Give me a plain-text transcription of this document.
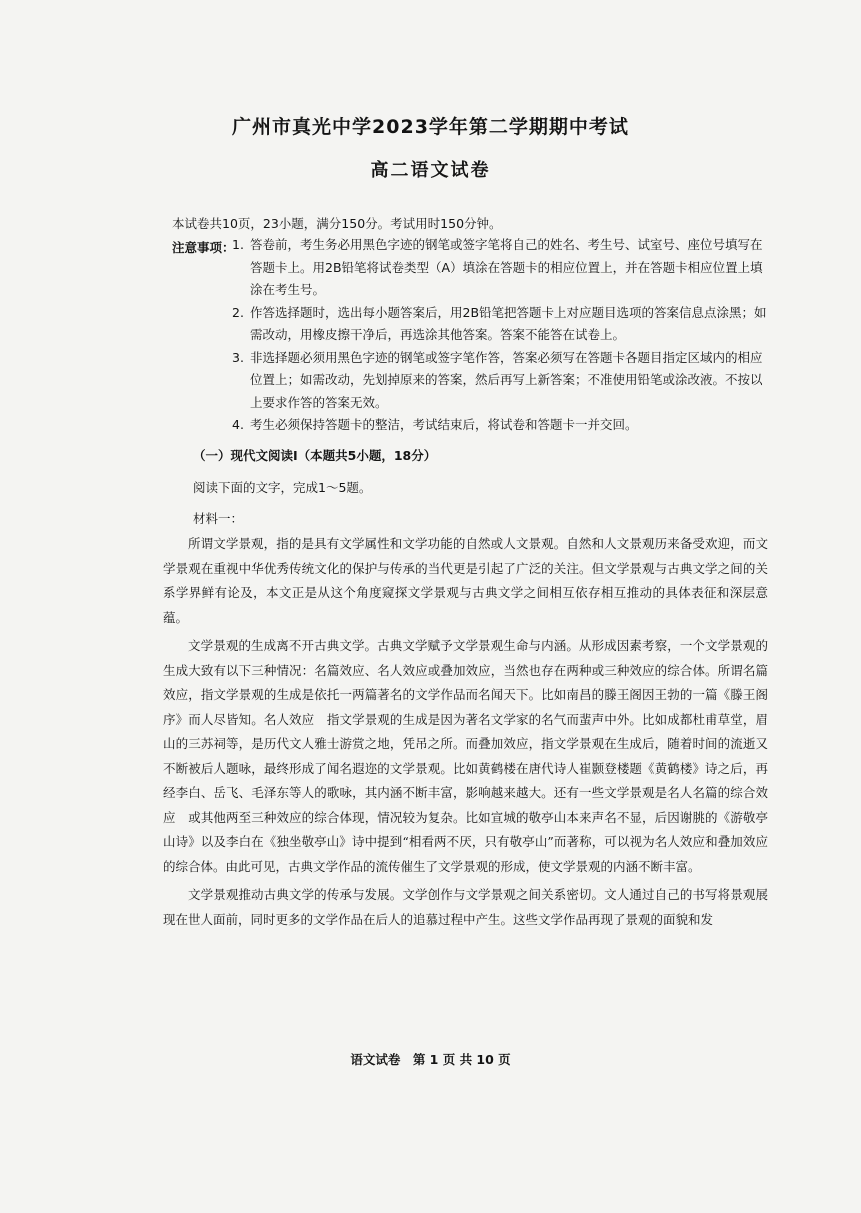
广州市真光中学2023学年第二学期期中考试
高二语文试卷
本试卷共10页，23小题，满分150分。考试用时150分钟。
注意事项：
1. 答卷前，考生务必用黑色字迹的钢笔或签字笔将自己的姓名、考生号、试室号、座位号填写在答题卡上。用2B铅笔将试卷类型（A）填涂在答题卡的相应位置上，并在答题卡相应位置上填涂在考生号。
2. 作答选择题时，选出每小题答案后，用2B铅笔把答题卡上对应题目选项的答案信息点涂黑；如需改动，用橡皮擦干净后，再选涂其他答案。答案不能答在试卷上。
3. 非选择题必须用黑色字迹的钢笔或签字笔作答，答案必须写在答题卡各题目指定区域内的相应位置上；如需改动，先划掉原来的答案，然后再写上新答案；不准使用铅笔或涂改液。不按以上要求作答的答案无效。
4. 考生必须保持答题卡的整洁，考试结束后，将试卷和答题卡一并交回。
（一）现代文阅读Ⅰ（本题共5小题，18分）
阅读下面的文字，完成1～5题。
材料一：

所谓文学景观，指的是具有文学属性和文学功能的自然或人文景观。自然和人文景观历来备受欢迎，而文学景观在重视中华优秀传统文化的保护与传承的当代更是引起了广泛的关注。但文学景观与古典文学之间的关系学界鲜有论及，本文正是从这个角度窥探文学景观与古典文学之间相互依存相互推动的具体表征和深层意蕴。

文学景观的生成离不开古典文学。古典文学赋予文学景观生命与内涵。从形成因素考察，一个文学景观的生成大致有以下三种情况：名篇效应、名人效应或叠加效应，当然也存在两种或三种效应的综合体。所谓名篇效应，指文学景观的生成是依托一两篇著名的文学作品而名闻天下。比如南昌的滕王阁因王勃的一篇《滕王阁序》而人尽皆知。名人效应　指文学景观的生成是因为著名文学家的名气而蜚声中外。比如成都杜甫草堂，眉山的三苏祠等，是历代文人雅士游赏之地，凭吊之所。而叠加效应，指文学景观在生成后，随着时间的流逝又不断被后人题咏，最终形成了闻名遐迩的文学景观。比如黄鹤楼在唐代诗人崔颢登楼题《黄鹤楼》诗之后，再经李白、岳飞、毛泽东等人的歌咏，其内涵不断丰富，影响越来越大。还有一些文学景观是名人名篇的综合效应　或其他两至三种效应的综合体现，情况较为复杂。比如宣城的敬亭山本来声名不显，后因谢朓的《游敬亭山诗》以及李白在《独坐敬亭山》诗中提到“相看两不厌，只有敬亭山”而著称，可以视为名人效应和叠加效应的综合体。由此可见，古典文学作品的流传催生了文学景观的形成，使文学景观的内涵不断丰富。

文学景观推动古典文学的传承与发展。文学创作与文学景观之间关系密切。文人通过自己的书写将景观展现在世人面前，同时更多的文学作品在后人的追慕过程中产生。这些文学作品再现了景观的面貌和发

语文试卷　第 1 页 共 10 页
